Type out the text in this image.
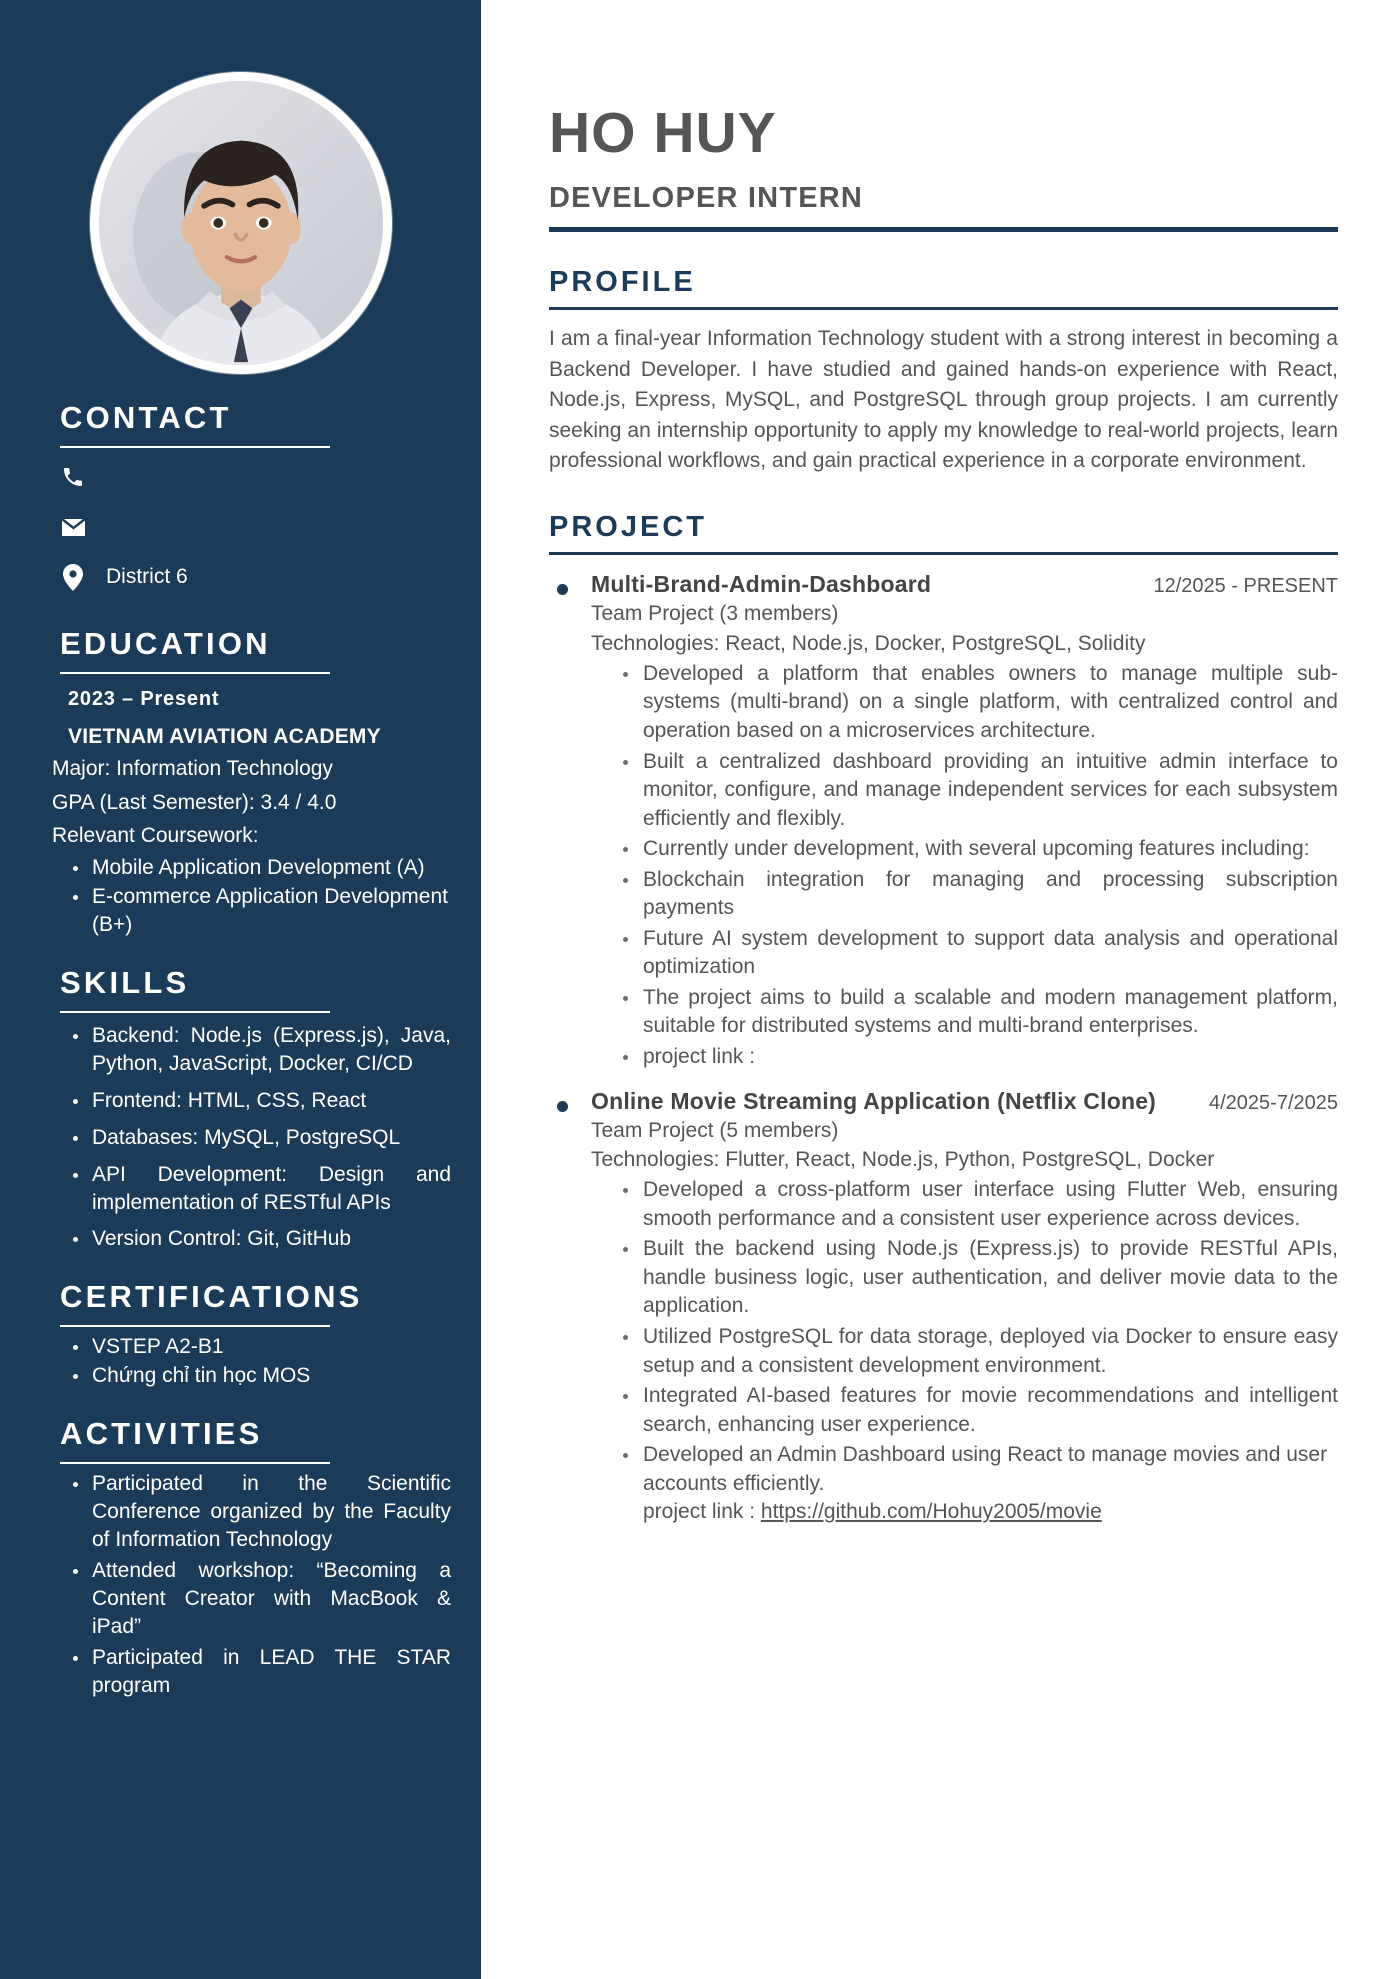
CONTACT
District 6
EDUCATION
2023 – Present
VIETNAM AVIATION ACADEMY
Major: Information Technology
GPA (Last Semester): 3.4 / 4.0
Relevant Coursework:
Mobile Application Development (A)
E-commerce Application Development (B+)
SKILLS
Backend: Node.js (Express.js), Java, Python, JavaScript, Docker, CI/CD
Frontend: HTML, CSS, React
Databases: MySQL, PostgreSQL
API Development: Design and implementation of RESTful APIs
Version Control: Git, GitHub
CERTIFICATIONS
VSTEP A2-B1
Chứng chỉ tin học MOS
ACTIVITIES
Participated in the Scientific Conference organized by the Faculty of Information Technology
Attended workshop: “Becoming a Content Creator with MacBook & iPad”
Participated in LEAD THE STAR program
HO HUY
DEVELOPER INTERN
PROFILE

I am a final-year Information Technology student with a strong interest in becoming a Backend Developer. I have studied and gained hands-on experience with React, Node.js, Express, MySQL, and PostgreSQL through group projects. I am currently seeking an internship opportunity to apply my knowledge to real-world projects, learn professional workflows, and gain practical experience in a corporate environment.

PROJECT
Multi-Brand-Admin-Dashboard	12/2025 - PRESENT
Team Project (3 members)
Technologies: React, Node.js, Docker, PostgreSQL, Solidity
Developed a platform that enables owners to manage multiple sub-systems (multi-brand) on a single platform, with centralized control and operation based on a microservices architecture.
Built a centralized dashboard providing an intuitive admin interface to monitor, configure, and manage independent services for each subsystem efficiently and flexibly.
Currently under development, with several upcoming features including:
Blockchain integration for managing and processing subscription payments
Future AI system development to support data analysis and operational optimization
The project aims to build a scalable and modern management platform, suitable for distributed systems and multi-brand enterprises.
project link :
Online Movie Streaming Application (Netflix Clone)	4/2025-7/2025
Team Project (5 members)
Technologies: Flutter, React, Node.js, Python, PostgreSQL, Docker
Developed a cross-platform user interface using Flutter Web, ensuring smooth performance and a consistent user experience across devices.
Built the backend using Node.js (Express.js) to provide RESTful APIs, handle business logic, user authentication, and deliver movie data to the application.
Utilized PostgreSQL for data storage, deployed via Docker to ensure easy setup and a consistent development environment.
Integrated AI-based features for movie recommendations and intelligent search, enhancing user experience.
Developed an Admin Dashboard using React to manage movies and user accounts efficiently.
project link : https://github.com/Hohuy2005/movie
